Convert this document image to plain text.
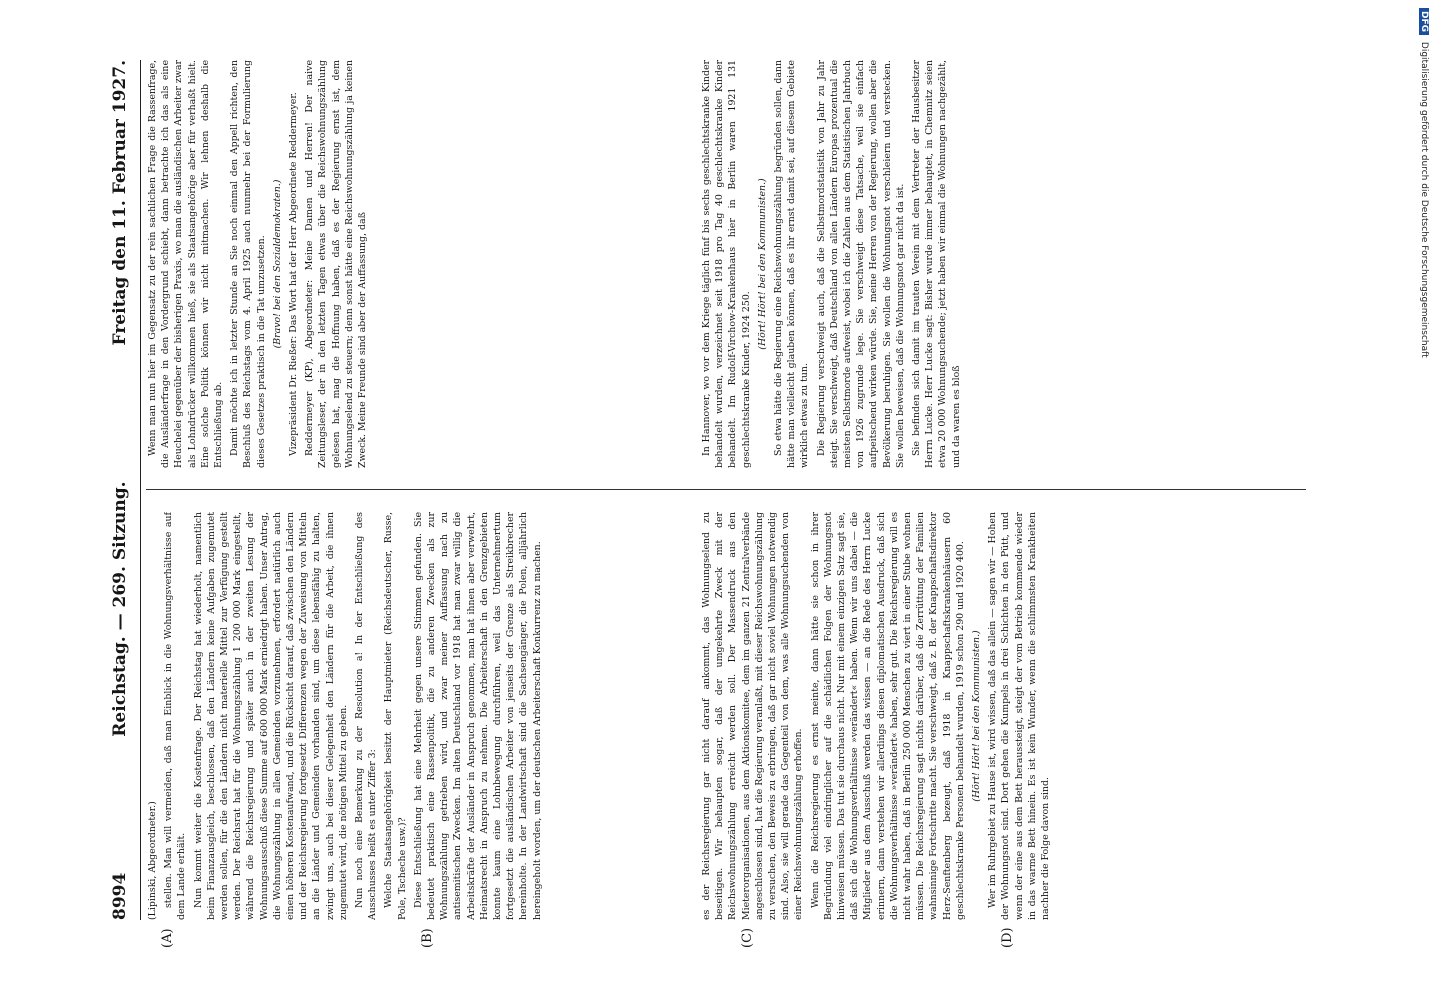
8994
Reichstag. — 269. Sitzung.
Freitag den 11. Februar 1927.

(Lipinski, Abgeordneter.) stellen. Man will vermeiden, daß man Einblick in die Wohnungsverhältnisse auf dem Lande erhält. Nun kommt weiter die Kostenfrage. Der Reichstag hat wiederholt, namentlich beim Finanzausgleich, beschlossen, daß den Ländern keine Aufgaben zugemutet werden sollen, für die den Ländern nicht materielle Mittel zur Verfügung gestellt werden. Der Reichsrat hat für die Wohnungszählung 1 200 000 Mark eingestellt, während die Reichsregierung und später auch in der zweiten Lesung der Wohnungsausschuß diese Summe auf 600 000 Mark erniedrigt haben. Unser Antrag, die Wohnungszählung in allen Gemeinden vorzunehmen, erfordert natürlich auch einen höheren Kostenaufwand, und die Rücksicht darauf, daß zwischen den Ländern und der Reichsregierung fortgesetzt Differenzen wegen der Zuweisung von Mitteln an die Länder und Gemeinden vorhanden sind, um diese lebensfähig zu halten, zwingt uns, auch bei dieser Gelegenheit den Ländern für die Arbeit, die ihnen zugemutet wird, die nötigen Mittel zu geben. Nun noch eine Bemerkung zu der Resolution a! In der Entschließung des Ausschusses heißt es unter Ziffer 3: Welche Staatsangehörigkeit besitzt der Hauptmieter (Reichsdeutscher, Russe, Pole, Tscheche usw.)? Diese Entschließung hat eine Mehrheit gegen unsere Stimmen gefunden. Sie bedeutet praktisch eine Rassenpolitik, die zu anderen Zwecken als zur Wohnungszählung getrieben wird, und zwar meiner Auffassung nach zu antisemitischen Zwecken. Im alten Deutschland vor 1918 hat man zwar willig die Arbeitskräfte der Ausländer in Anspruch genommen, man hat ihnen aber verwehrt, Heimatsrecht in Anspruch zu nehmen. Die Arbeiterschaft in den Grenzgebieten konnte kaum eine Lohnbewegung durchführen, weil das Unternehmertum fortgesetzt die ausländischen Arbeiter von jenseits der Grenze als Streikbrecher hereinholte. In der Landwirtschaft sind die Sachsengänger, die Polen, alljährlich hereingeholt worden, um der deutschen Arbeiterschaft Konkurrenz zu machen.

Wenn man nun hier im Gegensatz zu der rein sachlichen Frage die Rassenfrage, die Ausländerfrage in den Vordergrund schiebt, dann betrachte ich das als eine Heuchelei gegenüber der bisherigen Praxis, wo man die ausländischen Arbeiter zwar als Lohndrücker willkommen hieß, sie als Staatsangehörige aber für verhaßt hielt. Eine solche Politik können wir nicht mitmachen. Wir lehnen deshalb die Entschließung ab. Damit möchte ich in letzter Stunde an Sie noch einmal den Appell richten, den Beschluß des Reichstags vom 4. April 1925 auch nunmehr bei der Formulierung dieses Gesetzes praktisch in die Tat umzusetzen. (Bravo! bei den Sozialdemokraten.) Vizepräsident Dr. Rießer: Das Wort hat der Herr Abgeordnete Reddermeyer. Reddermeyer (KP), Abgeordneter: Meine Damen und Herren! Der naive Zeitungsleser, der in den letzten Tagen etwas über die Reichswohnungszählung gelesen hat, mag die Hoffnung haben, daß es der Regierung ernst ist, dem Wohnungselend zu steuern; denn sonst hätte eine Reichswohnungszählung ja keinen Zweck. Meine Freunde sind aber der Auffassung, daß

es der Reichsregierung gar nicht darauf ankommt, das Wohnungselend zu beseitigen. Wir behaupten sogar, daß der umgekehrte Zweck mit der Reichswohnungszählung erreicht werden soll. Der Massendruck aus den Mieterorganisationen, aus dem Aktionskomitee, dem im ganzen 21 Zentralverbände angeschlossen sind, hat die Regierung veranlaßt, mit dieser Reichswohnungszählung zu versuchen, den Beweis zu erbringen, daß gar nicht soviel Wohnungen notwendig sind. Also, sie will gerade das Gegenteil von dem, was alle Wohnungsuchenden von einer Reichswohnungszählung erhoffen. Wenn die Reichsregierung es ernst meinte, dann hätte sie schon in ihrer Begründung viel eindringlicher auf die schädlichen Folgen der Wohnungsnot hinweisen müssen. Das tut sie durchaus nicht. Nur mit einem einzigen Satz sagt sie, daß sich die Wohnungsverhältnisse »verändert« haben. Wenn wir uns dabei — die Mitglieder aus dem Ausschuß werden das wissen — an die Rede des Herrn Lucke erinnern, dann verstehen wir allerdings diesen diplomatischen Ausdruck, daß sich die Wohnungsverhältnisse »verändert« haben, sehr gut. Die Reichsregierung will es nicht wahr haben, daß in Berlin 250 000 Menschen zu viert in einer Stube wohnen müssen. Die Reichsregierung sagt nichts darüber, daß die Zerrüttung der Familien wahnsinnige Fortschritte macht. Sie verschweigt, daß z. B. der Knappschaftsdirektor Herz-Senftenberg bezeugt, daß 1918 in Knappschaftskrankenhäusern 60 geschlechtskranke Personen behandelt wurden, 1919 schon 290 und 1920 400. (Hört! Hört! bei den Kommunisten.) Wer im Ruhrgebiet zu Hause ist, wird wissen, daß das allein — sagen wir — Hohen der Wohnungsnot sind. Dort gehen die Kumpels in drei Schichten in den Pütt, und wenn der eine aus dem Bett heraussteigt, steigt der vom Betrieb kommende wieder in das warme Bett hinein. Es ist kein Wunder, wenn die schlimmsten Krankheiten nachher die Folge davon sind.

In Hannover, wo vor dem Kriege täglich fünf bis sechs geschlechtskranke Kinder behandelt wurden, verzeichnet seit 1918 pro Tag 40 geschlechtskranke Kinder behandelt. Im Rudolf-Virchow-Krankenhaus hier in Berlin waren 1921 131 geschlechtskranke Kinder, 1924 250.

(Hört! Hört! bei den Kommunisten.) So etwa hätte die Regierung eine Reichswohnungszählung begründen sollen, dann hätte man vielleicht glauben können, daß es ihr ernst damit sei, auf diesem Gebiete wirklich etwas zu tun. Die Regierung verschweigt auch, daß die Selbstmordstatistik von Jahr zu Jahr steigt. Sie verschweigt, daß Deutschland von allen Ländern Europas prozentual die meisten Selbstmorde aufweist, wobei ich die Zahlen aus dem Statistischen Jahrbuch von 1926 zugrunde lege. Sie verschweigt diese Tatsache, weil sie einfach aufpeitschend wirken würde. Sie, meine Herren von der Regierung, wollen aber die Bevölkerung beruhigen. Sie wollen die Wohnungsnot verschleiern und verstecken. Sie wollen beweisen, daß die Wohnungsnot gar nicht da ist. Sie befinden sich damit im trauten Verein mit dem Vertreter der Hausbesitzer Herrn Lucke. Herr Lucke sagt: Bisher wurde immer behauptet, in Chemnitz seien etwa 20 000 Wohnungsuchende; jetzt haben wir einmal die Wohnungen nachgezählt, und da waren es bloß

(A)	(B)	(C)	(D)
DFG Digitalisierung gefördert durch die Deutsche Forschungsgemeinschaft
